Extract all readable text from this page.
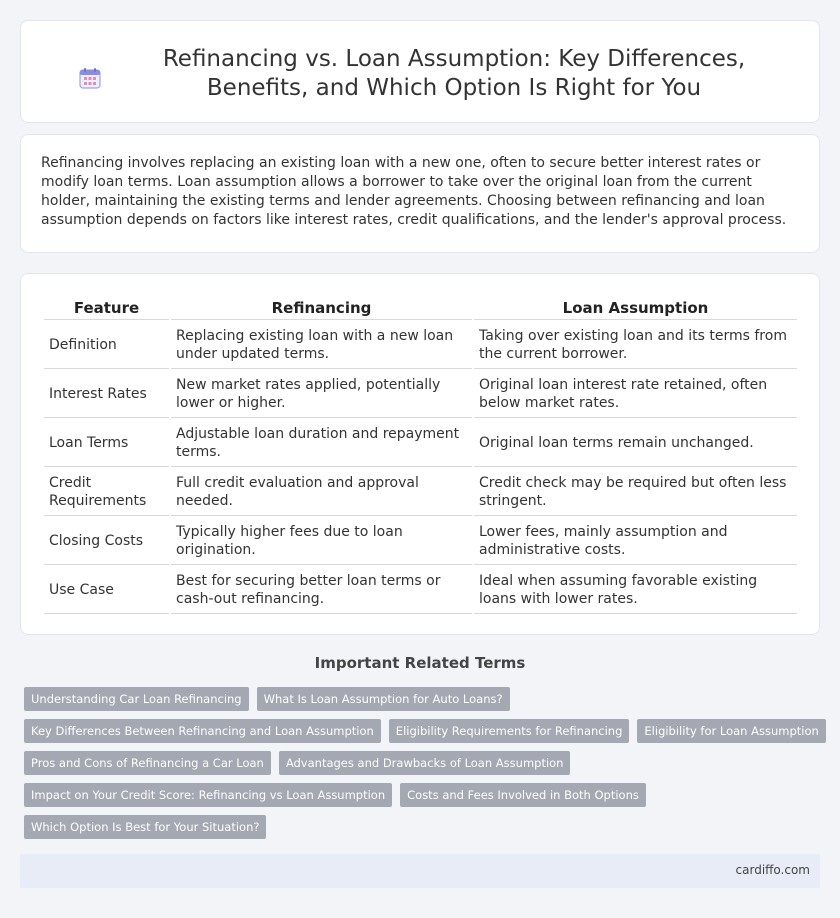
Refinancing vs. Loan Assumption: Key Differences, Benefits, and Which Option Is Right for You

Refinancing involves replacing an existing loan with a new one, often to secure better interest rates or modify loan terms. Loan assumption allows a borrower to take over the original loan from the current holder, maintaining the existing terms and lender agreements. Choosing between refinancing and loan assumption depends on factors like interest rates, credit qualifications, and the lender's approval process.

Feature	Refinancing	Loan Assumption
Definition	Replacing existing loan with a new loan under updated terms.	Taking over existing loan and its terms from the current borrower.
Interest Rates	New market rates applied, potentially lower or higher.	Original loan interest rate retained, often below market rates.
Loan Terms	Adjustable loan duration and repayment terms.	Original loan terms remain unchanged.
Credit Requirements	Full credit evaluation and approval needed.	Credit check may be required but often less stringent.
Closing Costs	Typically higher fees due to loan origination.	Lower fees, mainly assumption and administrative costs.
Use Case	Best for securing better loan terms or cash-out refinancing.	Ideal when assuming favorable existing loans with lower rates.
Important Related Terms
Understanding Car Loan Refinancing	What Is Loan Assumption for Auto Loans?
Key Differences Between Refinancing and Loan Assumption	Eligibility Requirements for Refinancing	Eligibility for Loan Assumption
Pros and Cons of Refinancing a Car Loan	Advantages and Drawbacks of Loan Assumption
Impact on Your Credit Score: Refinancing vs Loan Assumption	Costs and Fees Involved in Both Options
Which Option Is Best for Your Situation?
cardiffo.com
